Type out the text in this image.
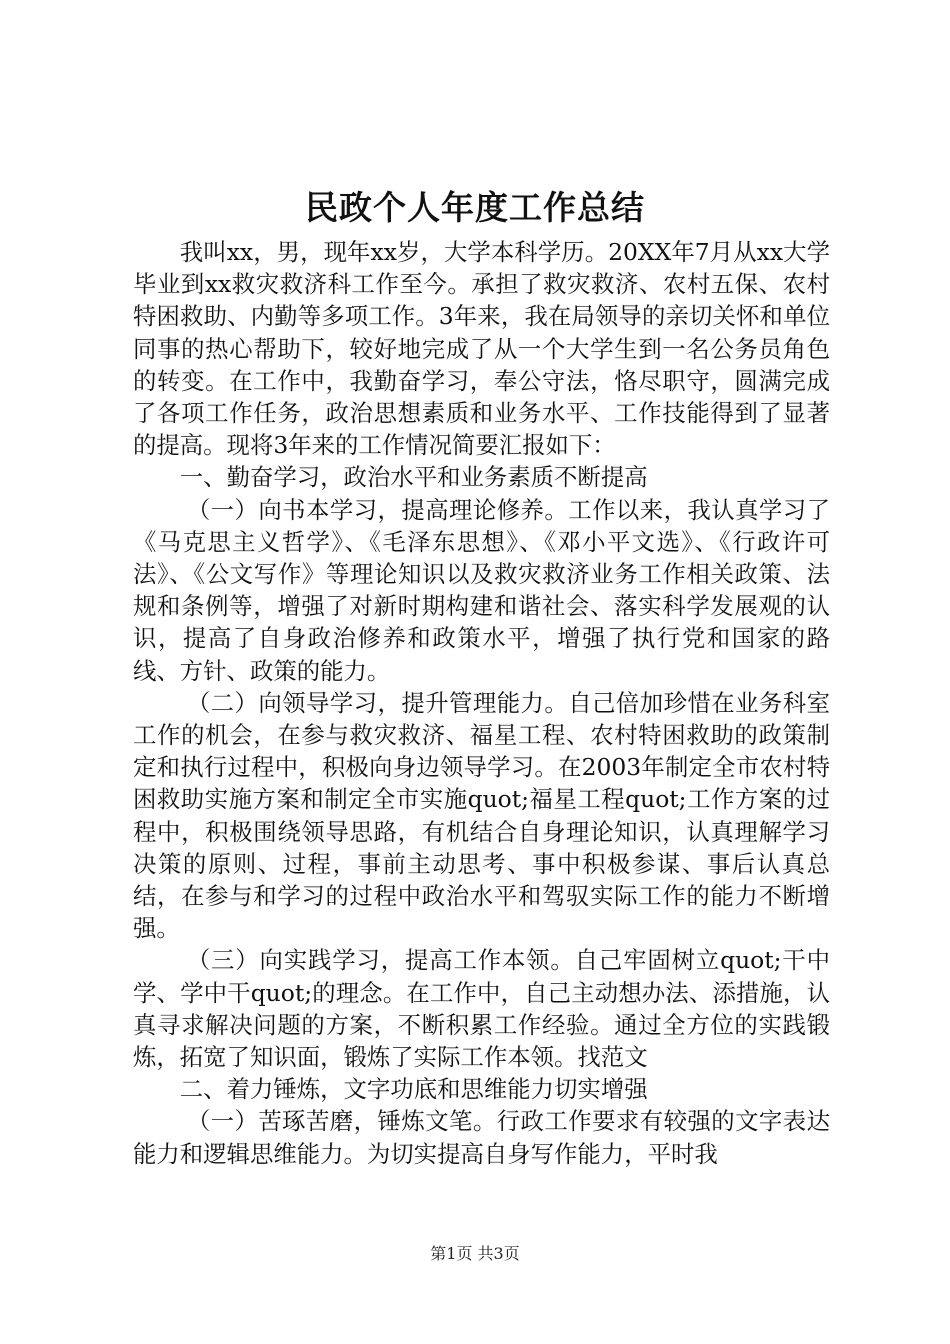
民政个人年度工作总结

我叫xx，男，现年xx岁，大学本科学历。20XX年7月从xx大学毕业到xx救灾救济科工作至今。承担了救灾救济、农村五保、农村特困救助、内勤等多项工作。3年来，我在局领导的亲切关怀和单位同事的热心帮助下，较好地完成了从一个大学生到一名公务员角色的转变。在工作中，我勤奋学习，奉公守法，恪尽职守，圆满完成了各项工作任务，政治思想素质和业务水平、工作技能得到了显著的提高。现将3年来的工作情况简要汇报如下：

一、勤奋学习，政治水平和业务素质不断提高

（一）向书本学习，提高理论修养。工作以来，我认真学习了《马克思主义哲学》、《毛泽东思想》、《邓小平文选》、《行政许可法》、《公文写作》等理论知识以及救灾救济业务工作相关政策、法规和条例等，增强了对新时期构建和谐社会、落实科学发展观的认识，提高了自身政治修养和政策水平，增强了执行党和国家的路线、方针、政策的能力。

（二）向领导学习，提升管理能力。自己倍加珍惜在业务科室工作的机会，在参与救灾救济、福星工程、农村特困救助的政策制定和执行过程中，积极向身边领导学习。在2003年制定全市农村特困救助实施方案和制定全市实施quot;福星工程quot;工作方案的过程中，积极围绕领导思路，有机结合自身理论知识，认真理解学习决策的原则、过程，事前主动思考、事中积极参谋、事后认真总结，在参与和学习的过程中政治水平和驾驭实际工作的能力不断增强。

（三）向实践学习，提高工作本领。自己牢固树立quot;干中学、学中干quot;的理念。在工作中，自己主动想办法、添措施，认真寻求解决问题的方案，不断积累工作经验。通过全方位的实践锻炼，拓宽了知识面，锻炼了实际工作本领。找范文

二、着力锤炼，文字功底和思维能力切实增强

（一）苦琢苦磨，锤炼文笔。行政工作要求有较强的文字表达能力和逻辑思维能力。为切实提高自身写作能力，平时我

第1页 共3页
